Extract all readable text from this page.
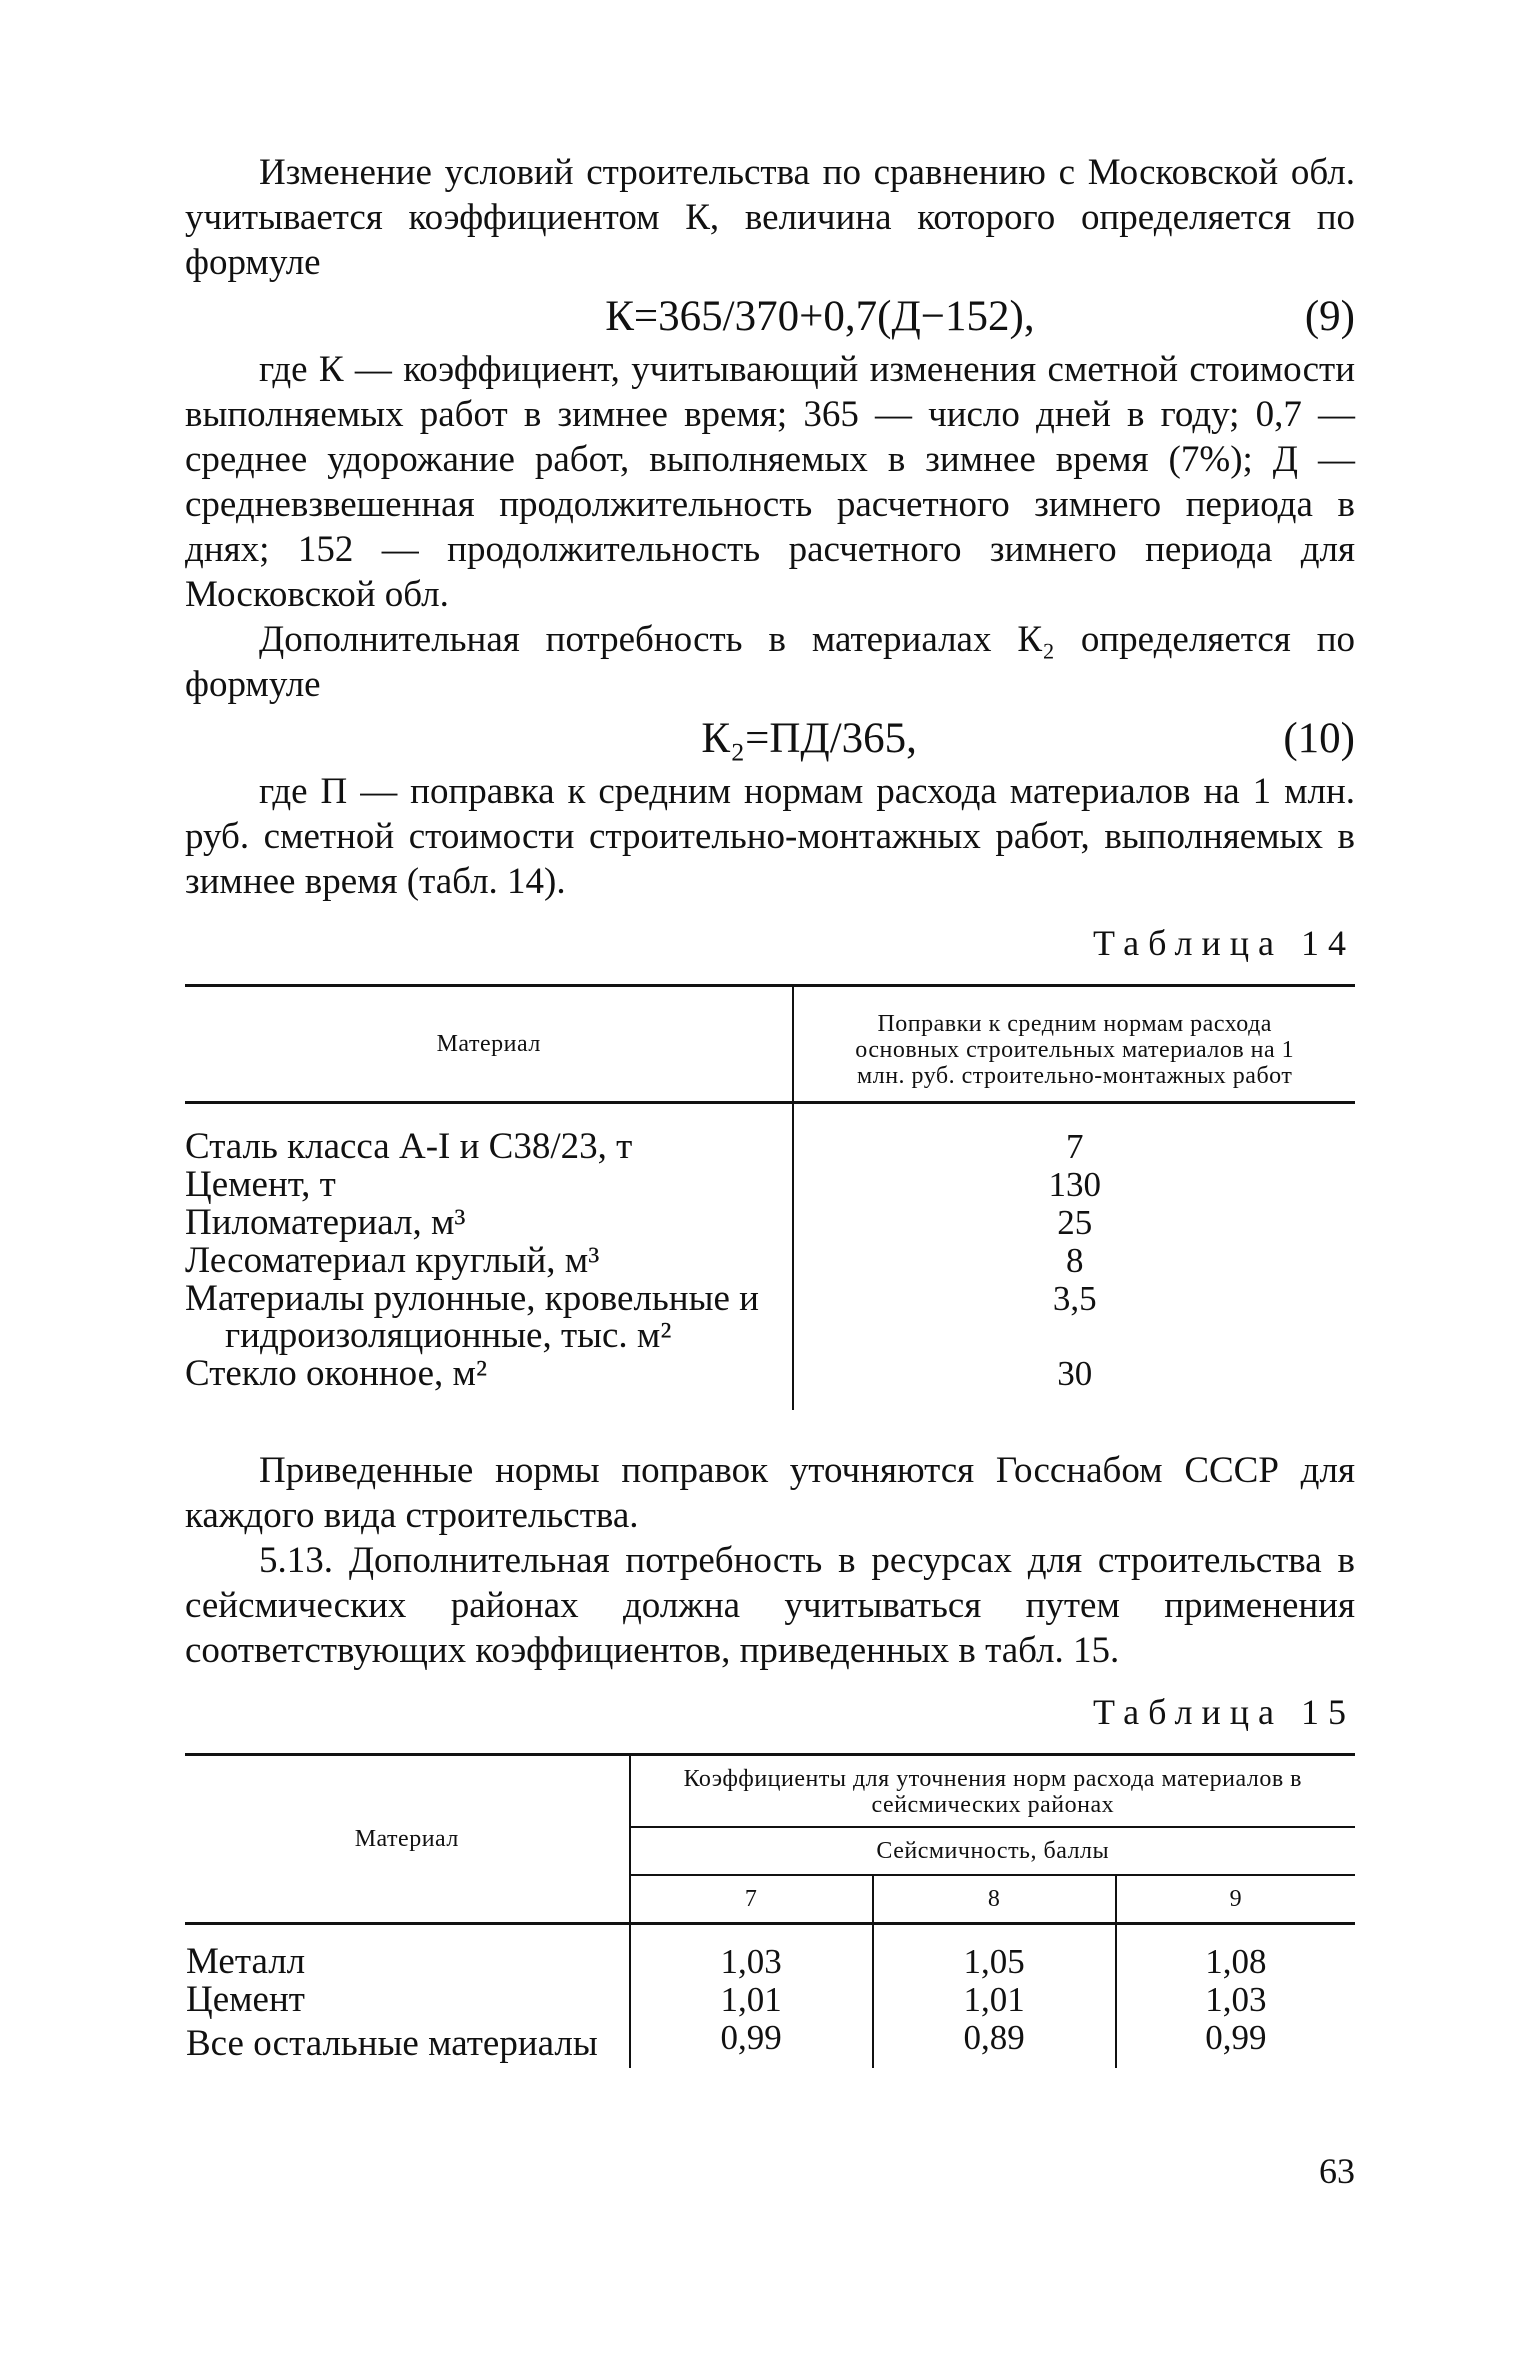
Изменение условий строительства по сравнению с Московской обл. учитывается коэффициентом К, величина которого определяется по формуле

К=365/370+0,7(Д−152),	(9)

где К — коэффициент, учитывающий изменения сметной стоимости выполняемых работ в зимнее время; 365 — число дней в году; 0,7 — среднее удорожание работ, выполняемых в зимнее время (7%); Д — средневзвешенная продолжительность расчетного зимнего периода в днях; 152 — продолжительность расчетного зимнего периода для Московской обл.

Дополнительная потребность в материалах К₂ определяется по формуле

К₂=ПД/365,	(10)

где П — поправка к средним нормам расхода материалов на 1 млн. руб. сметной стоимости строительно-монтажных работ, выполняемых в зимнее время (табл. 14).

Таблица 14
Материал	Поправки к средним нормам расхода основных строительных материалов на 1 млн. руб. строительно-монтажных работ
Сталь класса А-I и С38/23, т	7
Цемент, т	130
Пиломатериал, м³	25
Лесоматериал круглый, м³	8
Материалы рулонные, кровельные и гидроизоляционные, тыс. м²	3,5
Стекло оконное, м²	30

Приведенные нормы поправок уточняются Госснабом СССР для каждого вида строительства.

5.13. Дополнительная потребность в ресурсах для строительства в сейсмических районах должна учитываться путем применения соответствующих коэффициентов, приведенных в табл. 15.

Таблица 15
Материал	Коэффициенты для уточнения норм расхода материалов в сейсмических районах		
	Сейсмичность, баллы		
	7	8	9
Металл	1,03	1,05	1,08
Цемент	1,01	1,01	1,03
Все остальные материалы	0,99	0,89	0,99
63
